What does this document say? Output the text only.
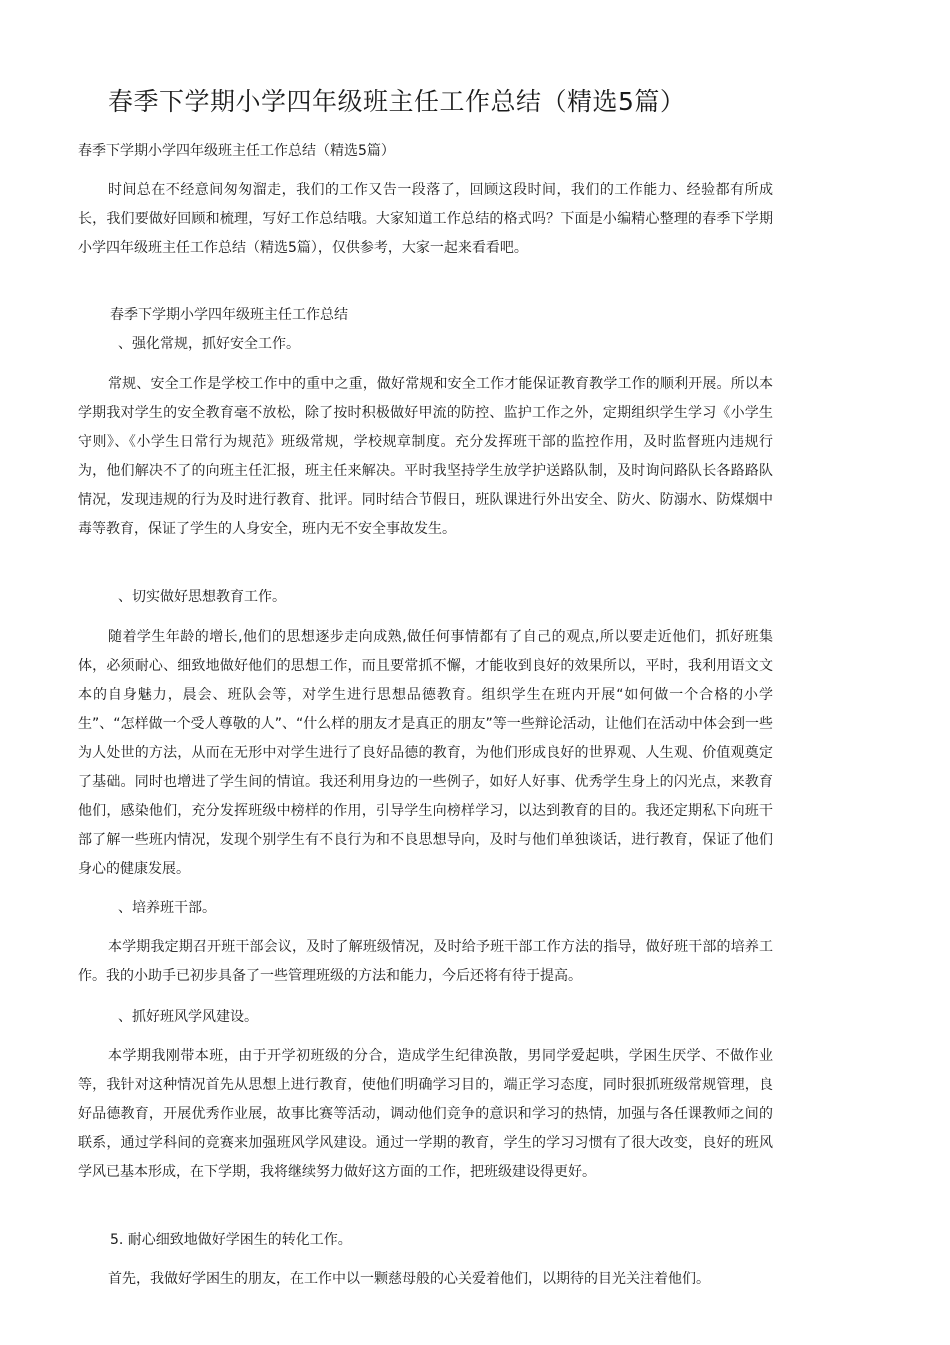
春季下学期小学四年级班主任工作总结（精选5篇）
春季下学期小学四年级班主任工作总结（精选5篇）
时间总在不经意间匆匆溜走，我们的工作又告一段落了，回顾这段时间，我们的工作能力、经验都有所成长，我们要做好回顾和梳理，写好工作总结哦。大家知道工作总结的格式吗？下面是小编精心整理的春季下学期小学四年级班主任工作总结（精选5篇），仅供参考，大家一起来看看吧。
春季下学期小学四年级班主任工作总结
、强化常规，抓好安全工作。
常规、安全工作是学校工作中的重中之重，做好常规和安全工作才能保证教育教学工作的顺利开展。所以本学期我对学生的安全教育毫不放松，除了按时积极做好甲流的防控、监护工作之外，定期组织学生学习《小学生守则》、《小学生日常行为规范》班级常规，学校规章制度。充分发挥班干部的监控作用，及时监督班内违规行为，他们解决不了的向班主任汇报，班主任来解决。平时我坚持学生放学护送路队制，及时询问路队长各路路队情况，发现违规的行为及时进行教育、批评。同时结合节假日，班队课进行外出安全、防火、防溺水、防煤烟中毒等教育，保证了学生的人身安全，班内无不安全事故发生。
、切实做好思想教育工作。
随着学生年龄的增长,他们的思想逐步走向成熟,做任何事情都有了自己的观点,所以要走近他们，抓好班集体，必须耐心、细致地做好他们的思想工作，而且要常抓不懈，才能收到良好的效果所以，平时，我利用语文文本的自身魅力，晨会、班队会等，对学生进行思想品德教育。组织学生在班内开展“如何做一个合格的小学生”、“怎样做一个受人尊敬的人”、“什么样的朋友才是真正的朋友”等一些辩论活动，让他们在活动中体会到一些为人处世的方法，从而在无形中对学生进行了良好品德的教育，为他们形成良好的世界观、人生观、价值观奠定了基础。同时也增进了学生间的情谊。我还利用身边的一些例子，如好人好事、优秀学生身上的闪光点，来教育他们，感染他们，充分发挥班级中榜样的作用，引导学生向榜样学习，以达到教育的目的。我还定期私下向班干部了解一些班内情况，发现个别学生有不良行为和不良思想导向，及时与他们单独谈话，进行教育，保证了他们身心的健康发展。
、培养班干部。
本学期我定期召开班干部会议，及时了解班级情况，及时给予班干部工作方法的指导，做好班干部的培养工作。我的小助手已初步具备了一些管理班级的方法和能力，今后还将有待于提高。
、抓好班风学风建设。
本学期我刚带本班，由于开学初班级的分合，造成学生纪律涣散，男同学爱起哄，学困生厌学、不做作业等，我针对这种情况首先从思想上进行教育，使他们明确学习目的，端正学习态度，同时狠抓班级常规管理，良好品德教育，开展优秀作业展，故事比赛等活动，调动他们竞争的意识和学习的热情，加强与各任课教师之间的联系，通过学科间的竞赛来加强班风学风建设。通过一学期的教育，学生的学习习惯有了很大改变，良好的班风学风已基本形成，在下学期，我将继续努力做好这方面的工作，把班级建设得更好。
5. 耐心细致地做好学困生的转化工作。
首先，我做好学困生的朋友，在工作中以一颗慈母般的心关爱着他们，以期待的目光关注着他们。
